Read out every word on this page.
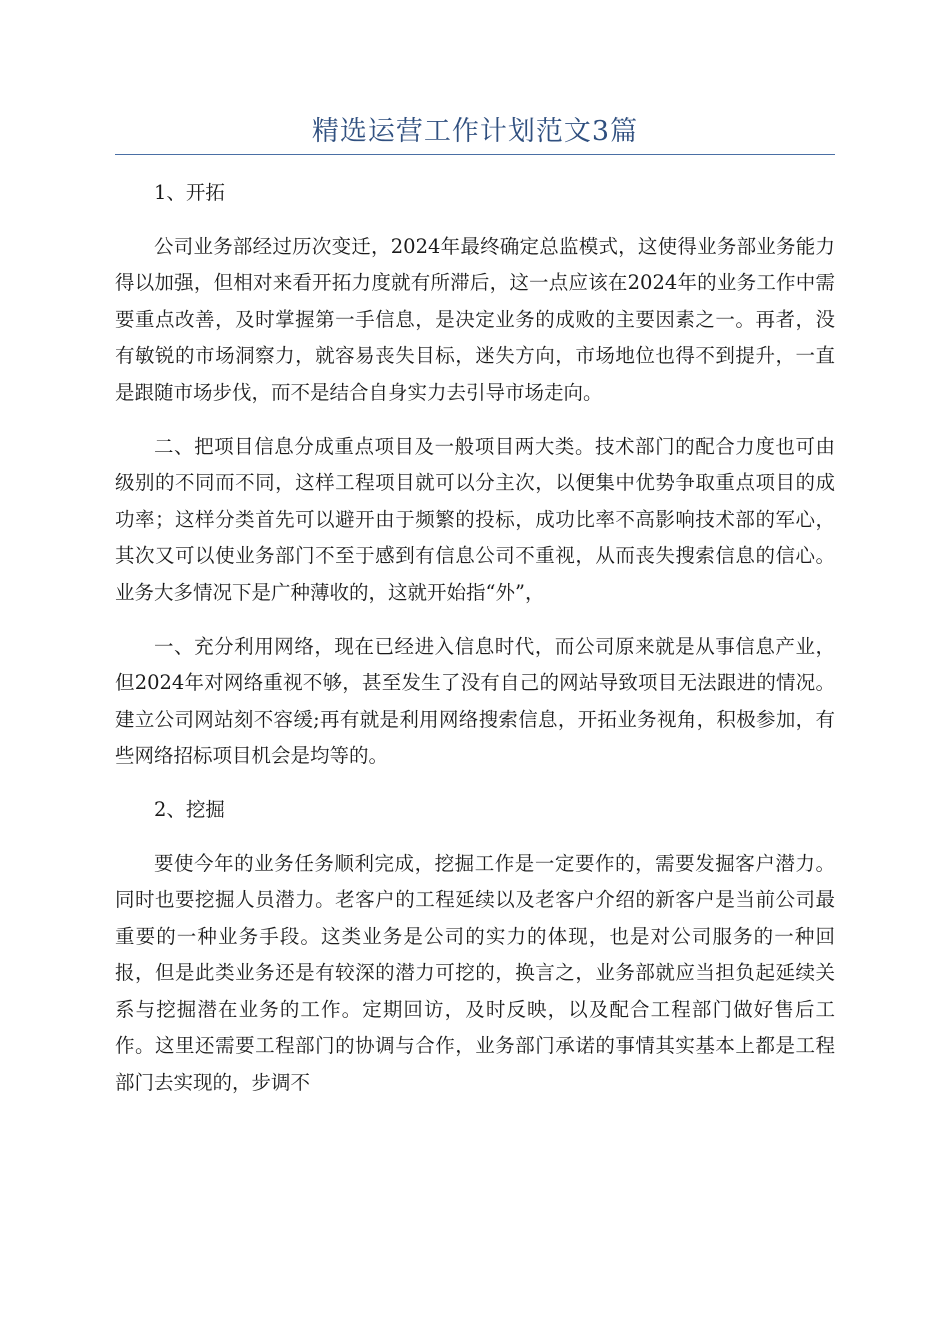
精选运营工作计划范文3篇

1、开拓

公司业务部经过历次变迁，2024年最终确定总监模式，这使得业务部业务能力得以加强，但相对来看开拓力度就有所滞后，这一点应该在2024年的业务工作中需要重点改善，及时掌握第一手信息，是决定业务的成败的主要因素之一。再者，没有敏锐的市场洞察力，就容易丧失目标，迷失方向，市场地位也得不到提升，一直是跟随市场步伐，而不是结合自身实力去引导市场走向。

二、把项目信息分成重点项目及一般项目两大类。技术部门的配合力度也可由级别的不同而不同，这样工程项目就可以分主次，以便集中优势争取重点项目的成功率；这样分类首先可以避开由于频繁的投标，成功比率不高影响技术部的军心，其次又可以使业务部门不至于感到有信息公司不重视，从而丧失搜索信息的信心。业务大多情况下是广种薄收的，这就开始指“外”，

一、充分利用网络，现在已经进入信息时代，而公司原来就是从事信息产业，但2024年对网络重视不够，甚至发生了没有自己的网站导致项目无法跟进的情况。建立公司网站刻不容缓;再有就是利用网络搜索信息，开拓业务视角，积极参加，有些网络招标项目机会是均等的。

2、挖掘

要使今年的业务任务顺利完成，挖掘工作是一定要作的，需要发掘客户潜力。同时也要挖掘人员潜力。老客户的工程延续以及老客户介绍的新客户是当前公司最重要的一种业务手段。这类业务是公司的实力的体现，也是对公司服务的一种回报，但是此类业务还是有较深的潜力可挖的，换言之，业务部就应当担负起延续关系与挖掘潜在业务的工作。定期回访，及时反映，以及配合工程部门做好售后工作。这里还需要工程部门的协调与合作，业务部门承诺的事情其实基本上都是工程部门去实现的，步调不
